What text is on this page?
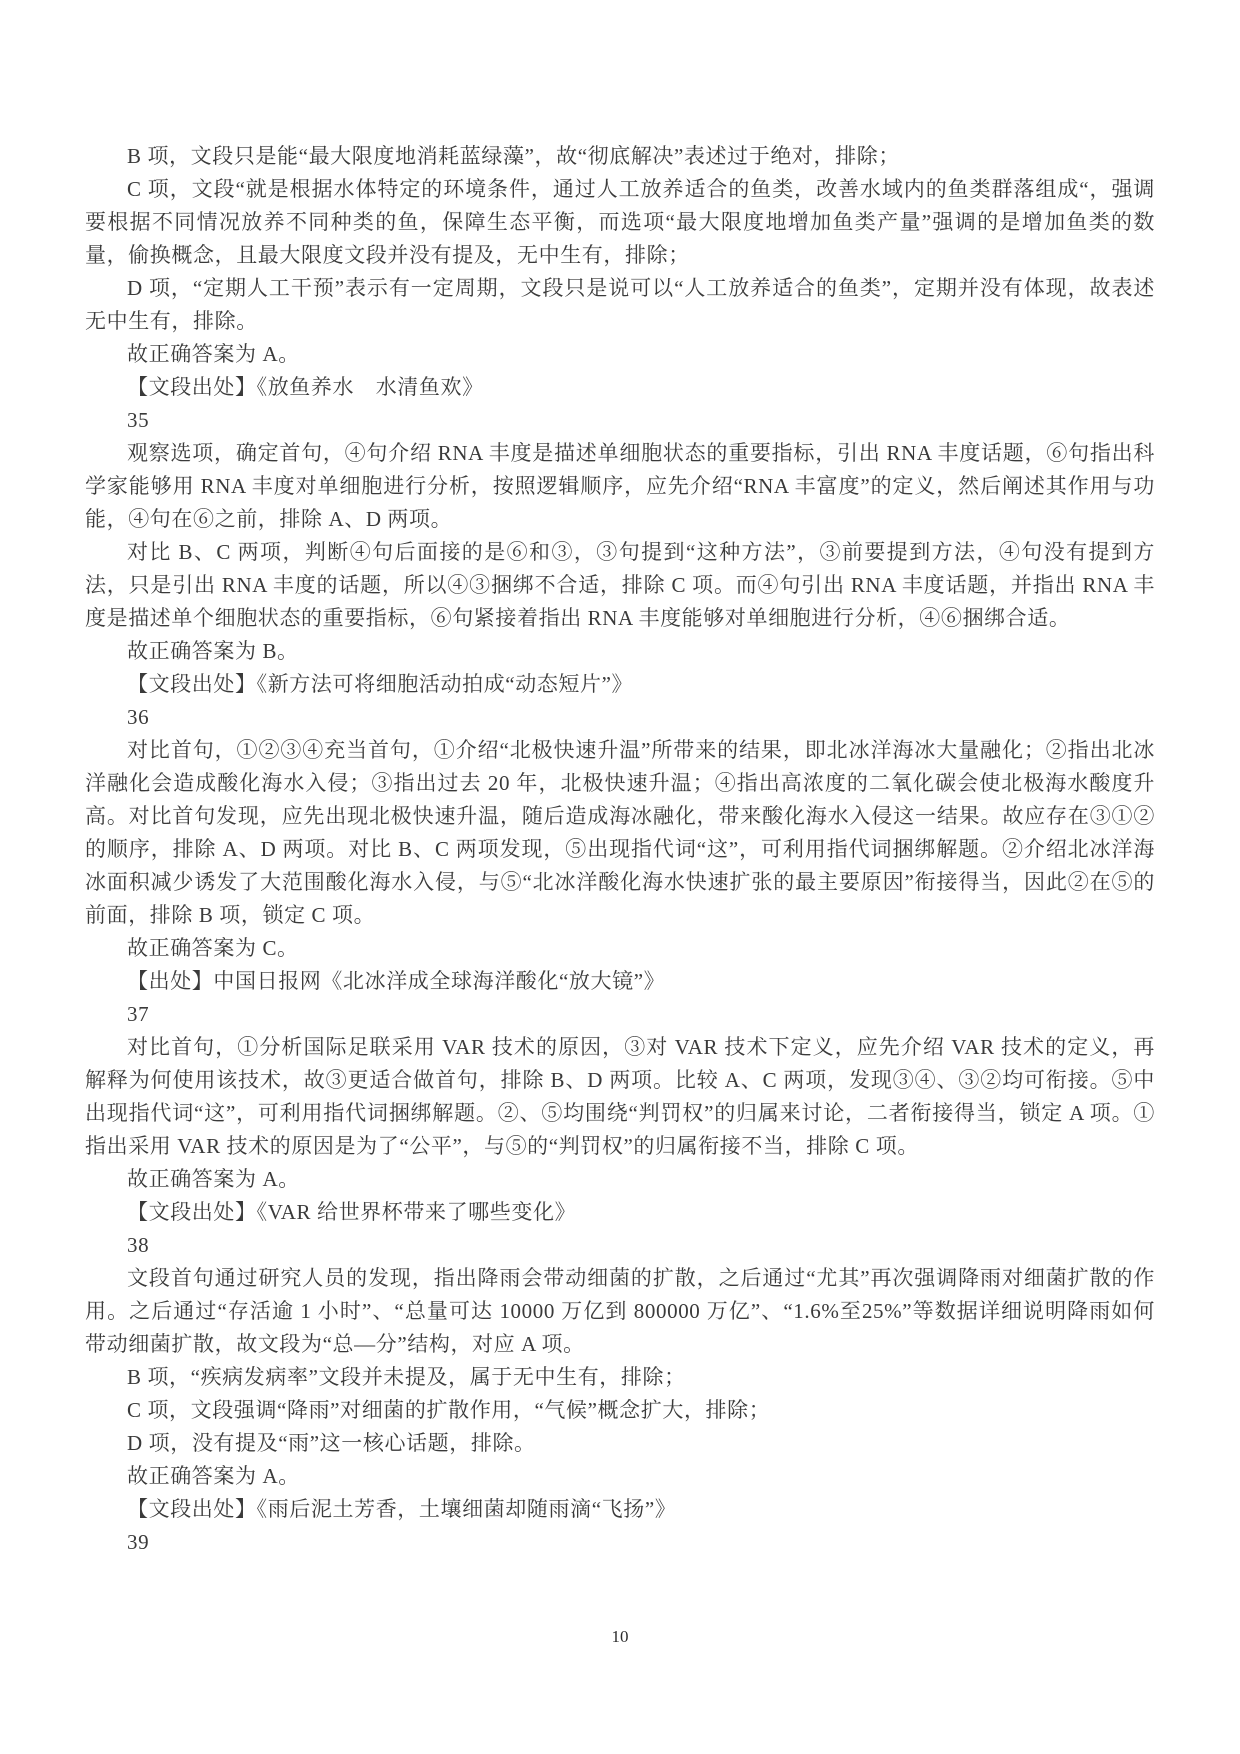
B 项，文段只是能“最大限度地消耗蓝绿藻”，故“彻底解决”表述过于绝对，排除；

C 项，文段“就是根据水体特定的环境条件，通过人工放养适合的鱼类，改善水域内的鱼类群落组成“，强调要根据不同情况放养不同种类的鱼，保障生态平衡，而选项“最大限度地增加鱼类产量”强调的是增加鱼类的数量，偷换概念，且最大限度文段并没有提及，无中生有，排除；

D 项，“定期人工干预”表示有一定周期，文段只是说可以“人工放养适合的鱼类”，定期并没有体现，故表述无中生有，排除。

故正确答案为 A。

【文段出处】《放鱼养水　水清鱼欢》

35

观察选项，确定首句，④句介绍 RNA 丰度是描述单细胞状态的重要指标，引出 RNA 丰度话题，⑥句指出科学家能够用 RNA 丰度对单细胞进行分析，按照逻辑顺序，应先介绍“RNA 丰富度”的定义，然后阐述其作用与功能，④句在⑥之前，排除 A、D 两项。

对比 B、C 两项，判断④句后面接的是⑥和③，③句提到“这种方法”，③前要提到方法，④句没有提到方法，只是引出 RNA 丰度的话题，所以④③捆绑不合适，排除 C 项。而④句引出 RNA 丰度话题，并指出 RNA 丰度是描述单个细胞状态的重要指标，⑥句紧接着指出 RNA 丰度能够对单细胞进行分析，④⑥捆绑合适。

故正确答案为 B。

【文段出处】《新方法可将细胞活动拍成“动态短片”》

36

对比首句，①②③④充当首句，①介绍“北极快速升温”所带来的结果，即北冰洋海冰大量融化；②指出北冰洋融化会造成酸化海水入侵；③指出过去 20 年，北极快速升温；④指出高浓度的二氧化碳会使北极海水酸度升高。对比首句发现，应先出现北极快速升温，随后造成海冰融化，带来酸化海水入侵这一结果。故应存在③①②的顺序，排除 A、D 两项。对比 B、C 两项发现，⑤出现指代词“这”，可利用指代词捆绑解题。②介绍北冰洋海冰面积减少诱发了大范围酸化海水入侵，与⑤“北冰洋酸化海水快速扩张的最主要原因”衔接得当，因此②在⑤的前面，排除 B 项，锁定 C 项。

故正确答案为 C。

【出处】中国日报网《北冰洋成全球海洋酸化“放大镜”》

37

对比首句，①分析国际足联采用 VAR 技术的原因，③对 VAR 技术下定义，应先介绍 VAR 技术的定义，再解释为何使用该技术，故③更适合做首句，排除 B、D 两项。比较 A、C 两项，发现③④、③②均可衔接。⑤中出现指代词“这”，可利用指代词捆绑解题。②、⑤均围绕“判罚权”的归属来讨论，二者衔接得当，锁定 A 项。①指出采用 VAR 技术的原因是为了“公平”，与⑤的“判罚权”的归属衔接不当，排除 C 项。

故正确答案为 A。

【文段出处】《VAR 给世界杯带来了哪些变化》

38

文段首句通过研究人员的发现，指出降雨会带动细菌的扩散，之后通过“尤其”再次强调降雨对细菌扩散的作用。之后通过“存活逾 1 小时”、“总量可达 10000 万亿到 800000 万亿”、“1.6%至25%”等数据详细说明降雨如何带动细菌扩散，故文段为“总—分”结构，对应 A 项。

B 项，“疾病发病率”文段并未提及，属于无中生有，排除；

C 项，文段强调“降雨”对细菌的扩散作用，“气候”概念扩大，排除；

D 项，没有提及“雨”这一核心话题，排除。

故正确答案为 A。

【文段出处】《雨后泥土芳香，土壤细菌却随雨滴“飞扬”》

39

10
